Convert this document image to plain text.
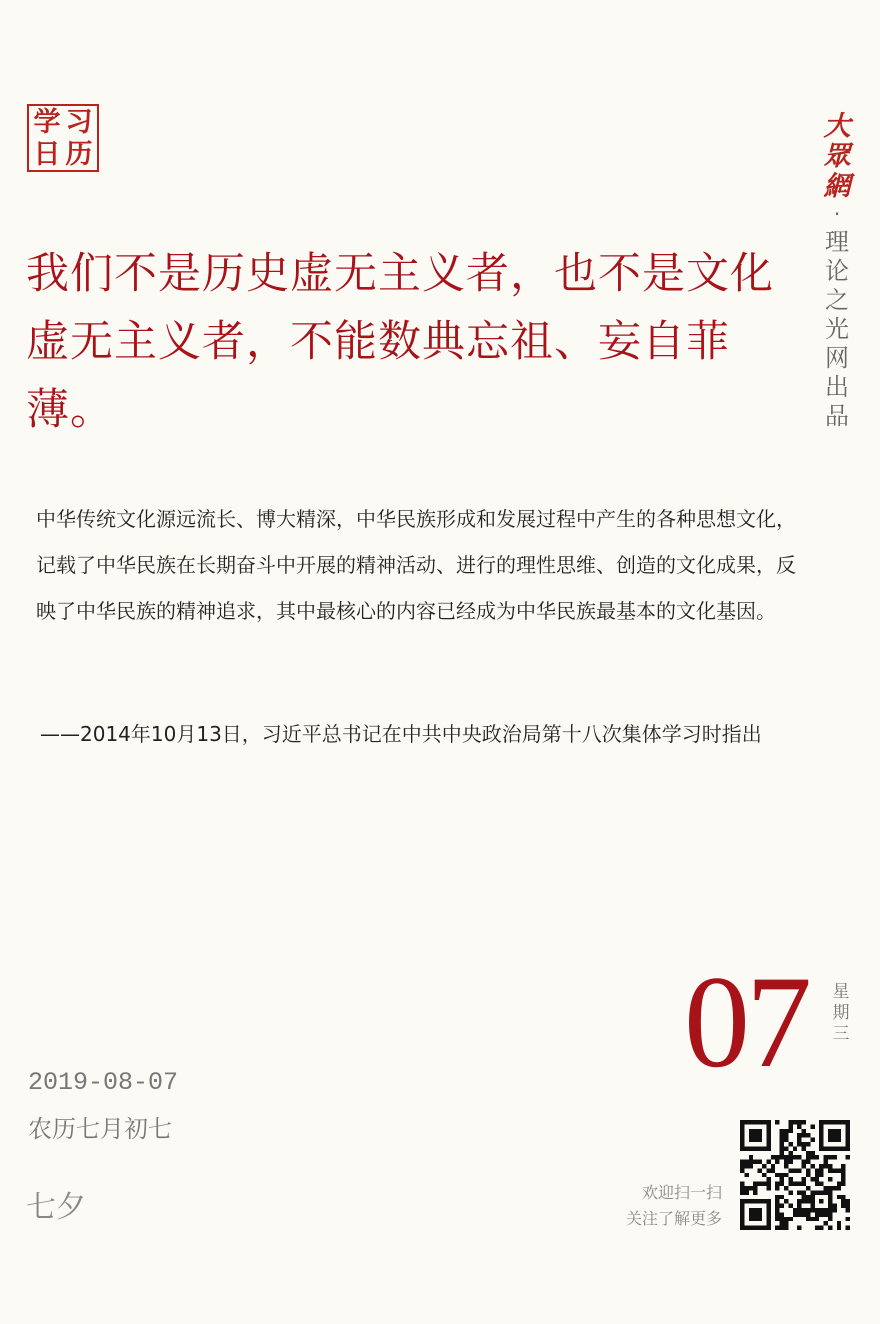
学 习
日 历
大
眾
網
·
理
论
之
光
网
出
品
我们不是历史虚无主义者，也不是文化虚无主义者，不能数典忘祖、妄自菲薄。

中华传统文化源远流长、博大精深，中华民族形成和发展过程中产生的各种思想文化，记载了中华民族在长期奋斗中开展的精神活动、进行的理性思维、创造的文化成果，反映了中华民族的精神追求，其中最核心的内容已经成为中华民族最基本的文化基因。

——2014年10月13日，习近平总书记在中共中央政治局第十八次集体学习时指出

07 星
期
三
2019-08-07
农历七月初七
七夕	欢迎扫一扫
关注了解更多
